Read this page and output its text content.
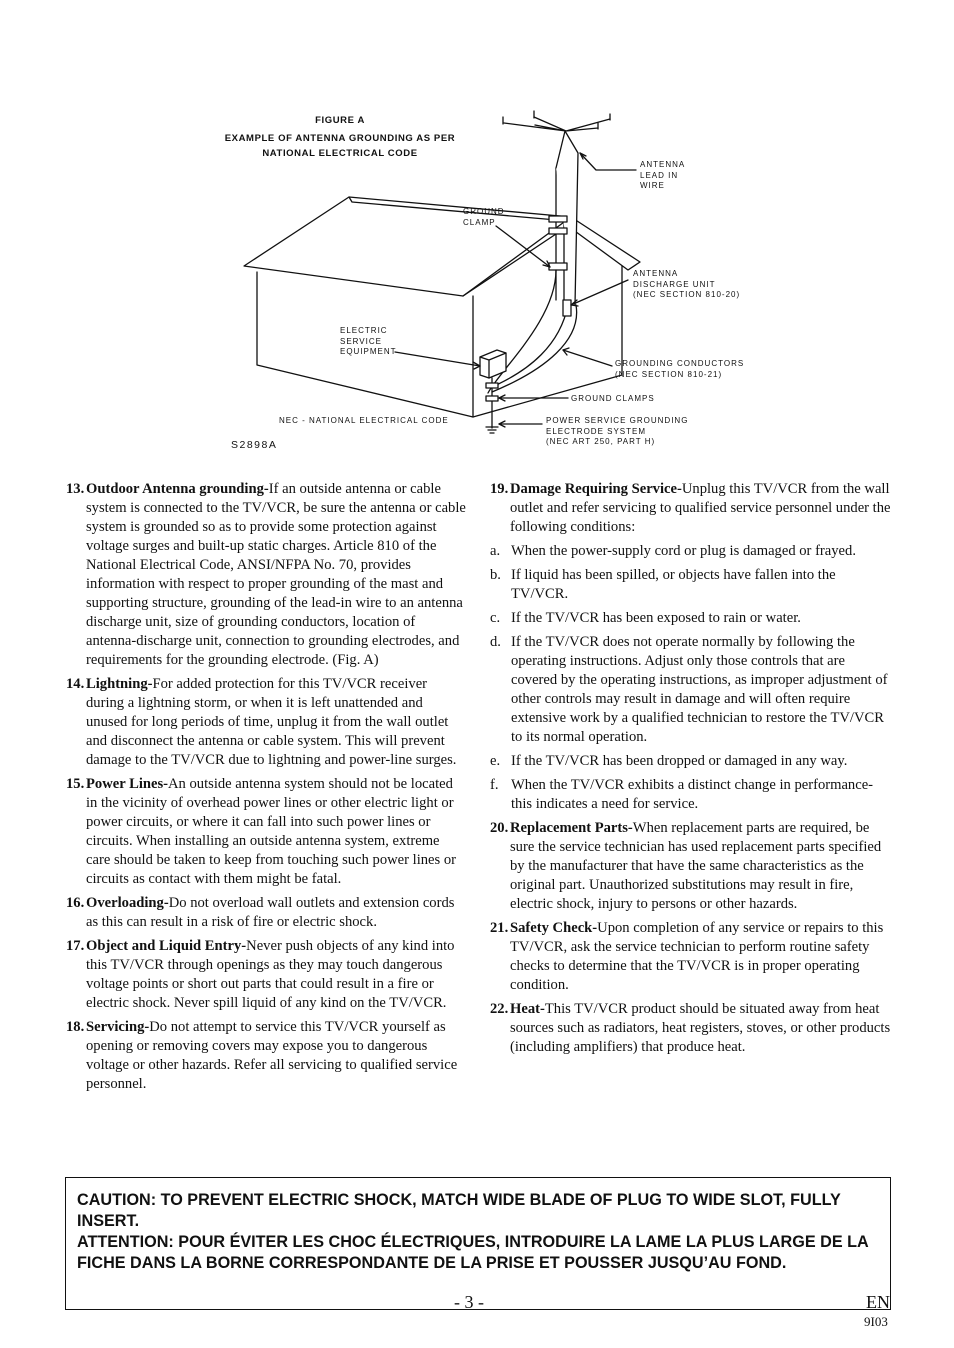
FIGURE A
EXAMPLE OF ANTENNA GROUNDING AS PER
NATIONAL ELECTRICAL CODE
ANTENNA
LEAD IN
WIRE
GROUND
CLAMP
ANTENNA
DISCHARGE UNIT
(NEC SECTION 810-20)
ELECTRIC
SERVICE
EQUIPMENT
GROUNDING CONDUCTORS
(NEC SECTION 810-21)
GROUND CLAMPS
NEC - NATIONAL ELECTRICAL CODE	POWER SERVICE GROUNDING
ELECTRODE SYSTEM
(NEC ART 250, PART H)
S2898A
13. Outdoor Antenna grounding-If an outside antenna or cable system is connected to the TV/VCR, be sure the antenna or cable system is grounded so as to provide some protection against voltage surges and built-up static charges. Article 810 of the National Electrical Code, ANSI/NFPA No. 70, provides information with respect to proper grounding of the mast and supporting structure, grounding of the lead-in wire to an antenna discharge unit, size of grounding conductors, location of antenna-discharge unit, connection to grounding electrodes, and requirements for the grounding electrode. (Fig. A)
14. Lightning-For added protection for this TV/VCR receiver during a lightning storm, or when it is left unattended and unused for long periods of time, unplug it from the wall outlet and disconnect the antenna or cable system. This will prevent damage to the TV/VCR due to lightning and power-line surges.
15. Power Lines-An outside antenna system should not be located in the vicinity of overhead power lines or other electric light or power circuits, or where it can fall into such power lines or circuits. When installing an outside antenna system, extreme care should be taken to keep from touching such power lines or circuits as contact with them might be fatal.
16. Overloading-Do not overload wall outlets and extension cords as this can result in a risk of fire or electric shock.
17. Object and Liquid Entry-Never push objects of any kind into this TV/VCR through openings as they may touch dangerous voltage points or short out parts that could result in a fire or electric shock. Never spill liquid of any kind on the TV/VCR.
18. Servicing-Do not attempt to service this TV/VCR yourself as opening or removing covers may expose you to dangerous voltage or other hazards. Refer all servicing to qualified service personnel.
19. Damage Requiring Service-Unplug this TV/VCR from the wall outlet and refer servicing to qualified service personnel under the following conditions:
a. When the power-supply cord or plug is damaged or frayed.
b. If liquid has been spilled, or objects have fallen into the TV/VCR.
c. If the TV/VCR has been exposed to rain or water.
d. If the TV/VCR does not operate normally by following the operating instructions. Adjust only those controls that are covered by the operating instructions, as improper adjustment of other controls may result in damage and will often require extensive work by a qualified technician to restore the TV/VCR to its normal operation.
e. If the TV/VCR has been dropped or damaged in any way.
f. When the TV/VCR exhibits a distinct change in performance-this indicates a need for service.
20. Replacement Parts-When replacement parts are required, be sure the service technician has used replacement parts specified by the manufacturer that have the same characteristics as the original part. Unauthorized substitutions may result in fire, electric shock, injury to persons or other hazards.
21. Safety Check-Upon completion of any service or repairs to this TV/VCR, ask the service technician to perform routine safety checks to determine that the TV/VCR is in proper operating condition.
22. Heat-This TV/VCR product should be situated away from heat sources such as radiators, heat registers, stoves, or other products (including amplifiers) that produce heat.

CAUTION: TO PREVENT ELECTRIC SHOCK, MATCH WIDE BLADE OF PLUG TO WIDE SLOT, FULLY INSERT.

ATTENTION: POUR ÉVITER LES CHOC ÉLECTRIQUES, INTRODUIRE LA LAME LA PLUS LARGE DE LA FICHE DANS LA BORNE CORRESPONDANTE DE LA PRISE ET POUSSER JUSQU’AU FOND.

- 3 -	EN
9I03
